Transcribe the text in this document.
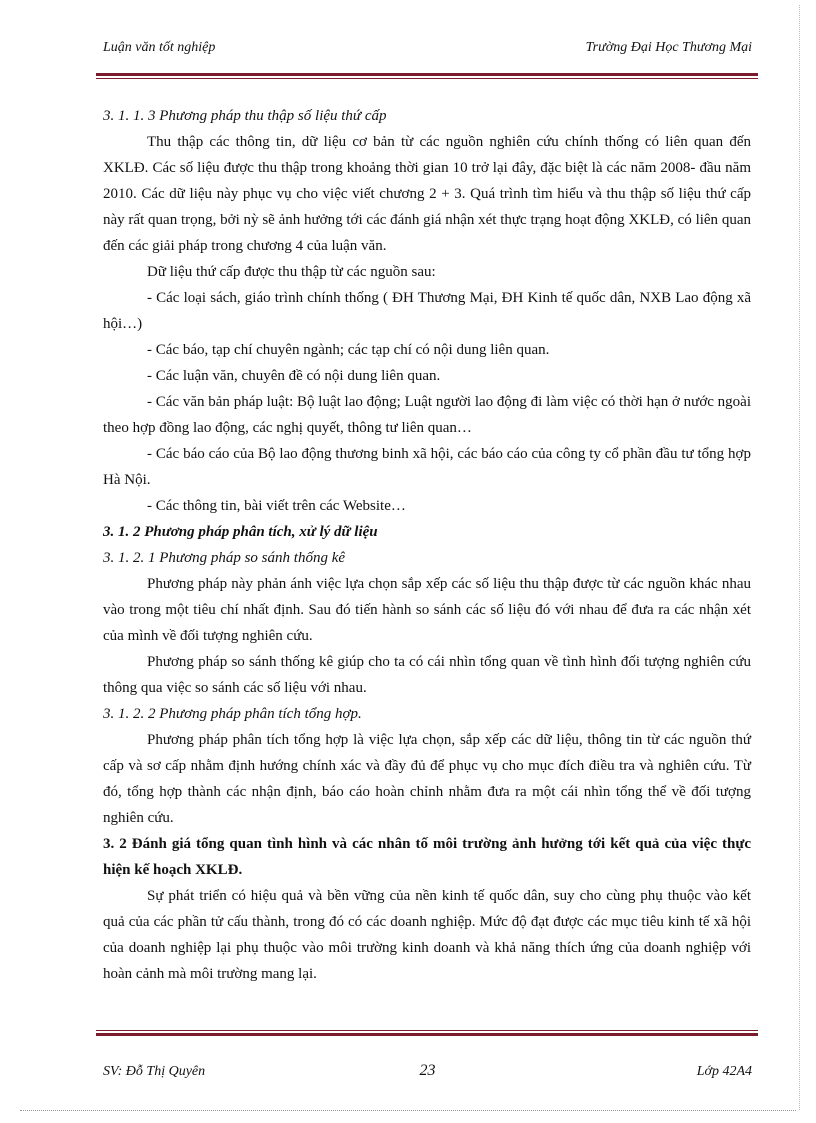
Luận văn tốt nghiệp	Trường Đại Học Thương Mại

3. 1. 1. 3 Phương pháp thu thập số liệu thứ cấp

Thu thập các thông tin, dữ liệu cơ bản từ các nguồn nghiên cứu chính thống có liên quan đến XKLĐ. Các số liệu được thu thập trong khoảng thời gian 10 trở lại đây, đặc biệt là các năm 2008- đầu năm 2010. Các dữ liệu này phục vụ cho việc viết chương 2 + 3. Quá trình tìm hiểu và thu thập số liệu thứ cấp này rất quan trọng, bởi nỳ sẽ ảnh hưởng tới các đánh giá nhận xét thực trạng hoạt động XKLĐ, có liên quan đến các giải pháp trong chương 4 của luận văn.

Dữ liệu thứ cấp được thu thập từ các nguồn sau:

- Các loại sách, giáo trình chính thống ( ĐH Thương Mại, ĐH Kinh tế quốc dân, NXB Lao động xã hội…)

- Các báo, tạp chí chuyên ngành; các tạp chí có nội dung liên quan.

- Các luận văn, chuyên đề có nội dung liên quan.

- Các văn bản pháp luật: Bộ luật lao động; Luật người lao động đi làm việc có thời hạn ở nước ngoài theo hợp đồng lao động, các nghị quyết, thông tư liên quan…

- Các báo cáo của Bộ lao động thương binh xã hội, các báo cáo của công ty cổ phần đầu tư tổng hợp Hà Nội.

- Các thông tin, bài viết trên các Website…

3. 1. 2 Phương pháp phân tích, xử lý dữ liệu

3. 1. 2. 1 Phương pháp so sánh thống kê

Phương pháp này phản ánh việc lựa chọn sắp xếp các số liệu thu thập được từ các nguồn khác nhau vào trong một tiêu chí nhất định. Sau đó tiến hành so sánh các số liệu đó với nhau để đưa ra các nhận xét của mình về đối tượng nghiên cứu.

Phương pháp so sánh thống kê giúp cho ta có cái nhìn tổng quan về tình hình đối tượng nghiên cứu thông qua việc so sánh các số liệu với nhau.

3. 1. 2. 2 Phương pháp phân tích tổng hợp.

Phương pháp phân tích tổng hợp là việc lựa chọn, sắp xếp các dữ liệu, thông tin từ các nguồn thứ cấp và sơ cấp nhằm định hướng chính xác và đầy đủ để phục vụ cho mục đích điều tra và nghiên cứu. Từ đó, tổng hợp thành các nhận định, báo cáo hoàn chỉnh nhằm đưa ra một cái nhìn tổng thể về đối tượng nghiên cứu.

3. 2 Đánh giá tổng quan tình hình và các nhân tố môi trường ảnh hưởng tới kết quả của việc thực hiện kế hoạch XKLĐ.

Sự phát triển có hiệu quả và bền vững của nền kinh tế quốc dân, suy cho cùng phụ thuộc vào kết quả của các phần tử cấu thành, trong đó có các doanh nghiệp. Mức độ đạt được các mục tiêu kinh tế xã hội của doanh nghiệp lại phụ thuộc vào môi trường kinh doanh và khả năng thích ứng của doanh nghiệp với hoàn cảnh mà môi trường mang lại.

SV: Đỗ Thị Quyên	23	Lớp 42A4
